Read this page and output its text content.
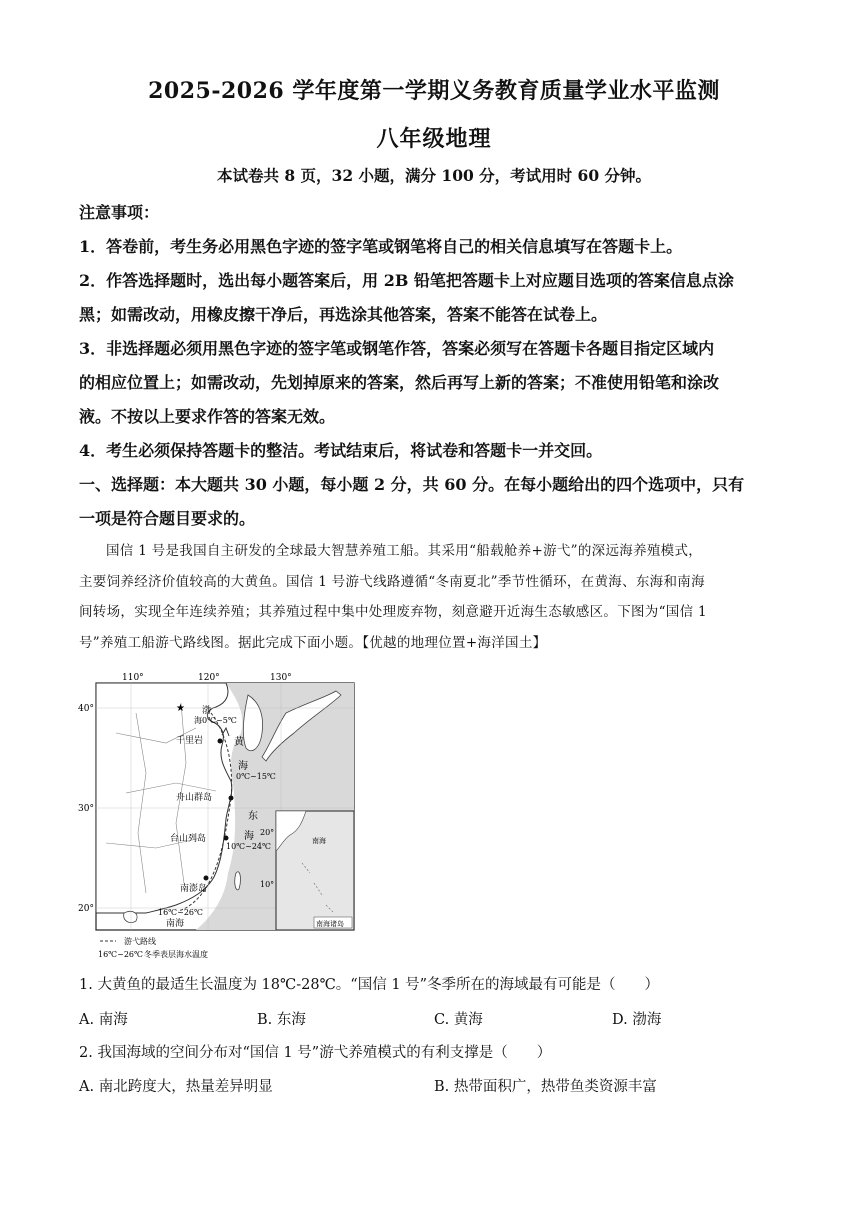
2025-2026 学年度第一学期义务教育质量学业水平监测
八年级地理
本试卷共 8 页，32 小题，满分 100 分，考试用时 60 分钟。

注意事项：

1．答卷前，考生务必用黑色字迹的签字笔或钢笔将自己的相关信息填写在答题卡上。

2．作答选择题时，选出每小题答案后，用 2B 铅笔把答题卡上对应题目选项的答案信息点涂

黑；如需改动，用橡皮擦干净后，再选涂其他答案，答案不能答在试卷上。

3．非选择题必须用黑色字迹的签字笔或钢笔作答，答案必须写在答题卡各题目指定区域内

的相应位置上；如需改动，先划掉原来的答案，然后再写上新的答案；不准使用铅笔和涂改

液。不按以上要求作答的答案无效。

4．考生必须保持答题卡的整洁。考试结束后，将试卷和答题卡一并交回。

一、选择题：本大题共 30 小题，每小题 2 分，共 60 分。在每小题给出的四个选项中，只有

一项是符合题目要求的。

国信 1 号是我国自主研发的全球最大智慧养殖工船。其采用“船载舱养+游弋”的深远海养殖模式，

主要饲养经济价值较高的大黄鱼。国信 1 号游弋线路遵循“冬南夏北”季节性循环，在黄海、东海和南海

间转场，实现全年连续养殖；其养殖过程中集中处理废弃物，刻意避开近海生态敏感区。下图为“国信 1

号”养殖工船游弋路线图。据此完成下面小题。【优越的地理位置+海洋国土】

110°	120°	130°
40°
30°
20°
★ 渤
海0℃~5℃
千里岩	黄
海
0℃~15℃
舟山群岛
东
海
10℃~24℃
台山列岛
南澎岛
16℃~26℃
南海
20°
10°
南海
南海诸岛
游弋路线
16℃~26℃ 冬季表层海水温度
1. 大黄鱼的最适生长温度为 18℃-28℃。“国信 1 号”冬季所在的海域最有可能是（　　）
A. 南海	B. 东海	C. 黄海	D. 渤海
2. 我国海域的空间分布对“国信 1 号”游弋养殖模式的有利支撑是（　　）
A. 南北跨度大，热量差异明显	B. 热带面积广，热带鱼类资源丰富
